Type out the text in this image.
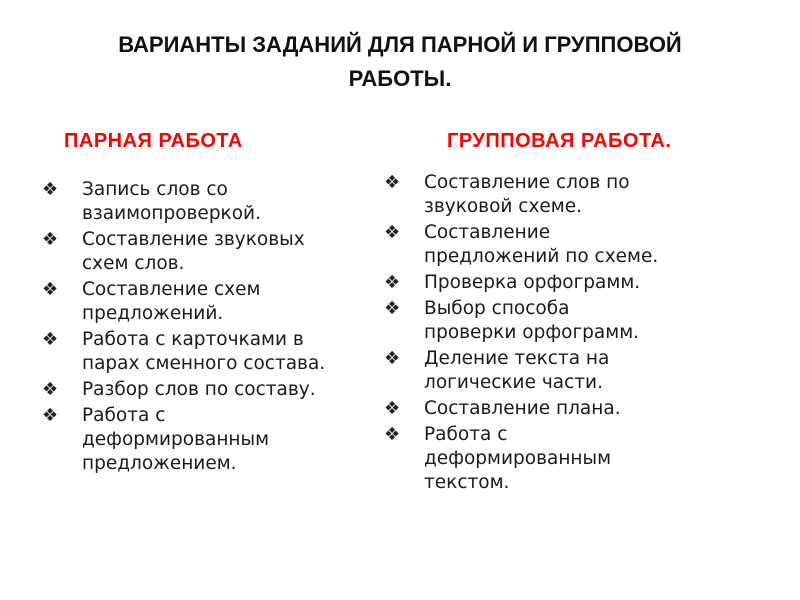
ВАРИАНТЫ ЗАДАНИЙ ДЛЯ ПАРНОЙ И ГРУППОВОЙ
РАБОТЫ.
ПАРНАЯ РАБОТА	ГРУППОВАЯ РАБОТА.
❖ Запись слов со
взаимопроверкой.
❖ Составление звуковых
схем слов.
❖ Составление схем
предложений.
❖ Работа с карточками в
парах сменного состава.
❖ Разбор слов по составу.
❖ Работа с
деформированным
предложением.
❖ Составление слов по
звуковой схеме.
❖ Составление
предложений по схеме.
❖ Проверка орфограмм.
❖ Выбор способа
проверки орфограмм.
❖ Деление текста на
логические части.
❖ Составление плана.
❖ Работа с
деформированным
текстом.
